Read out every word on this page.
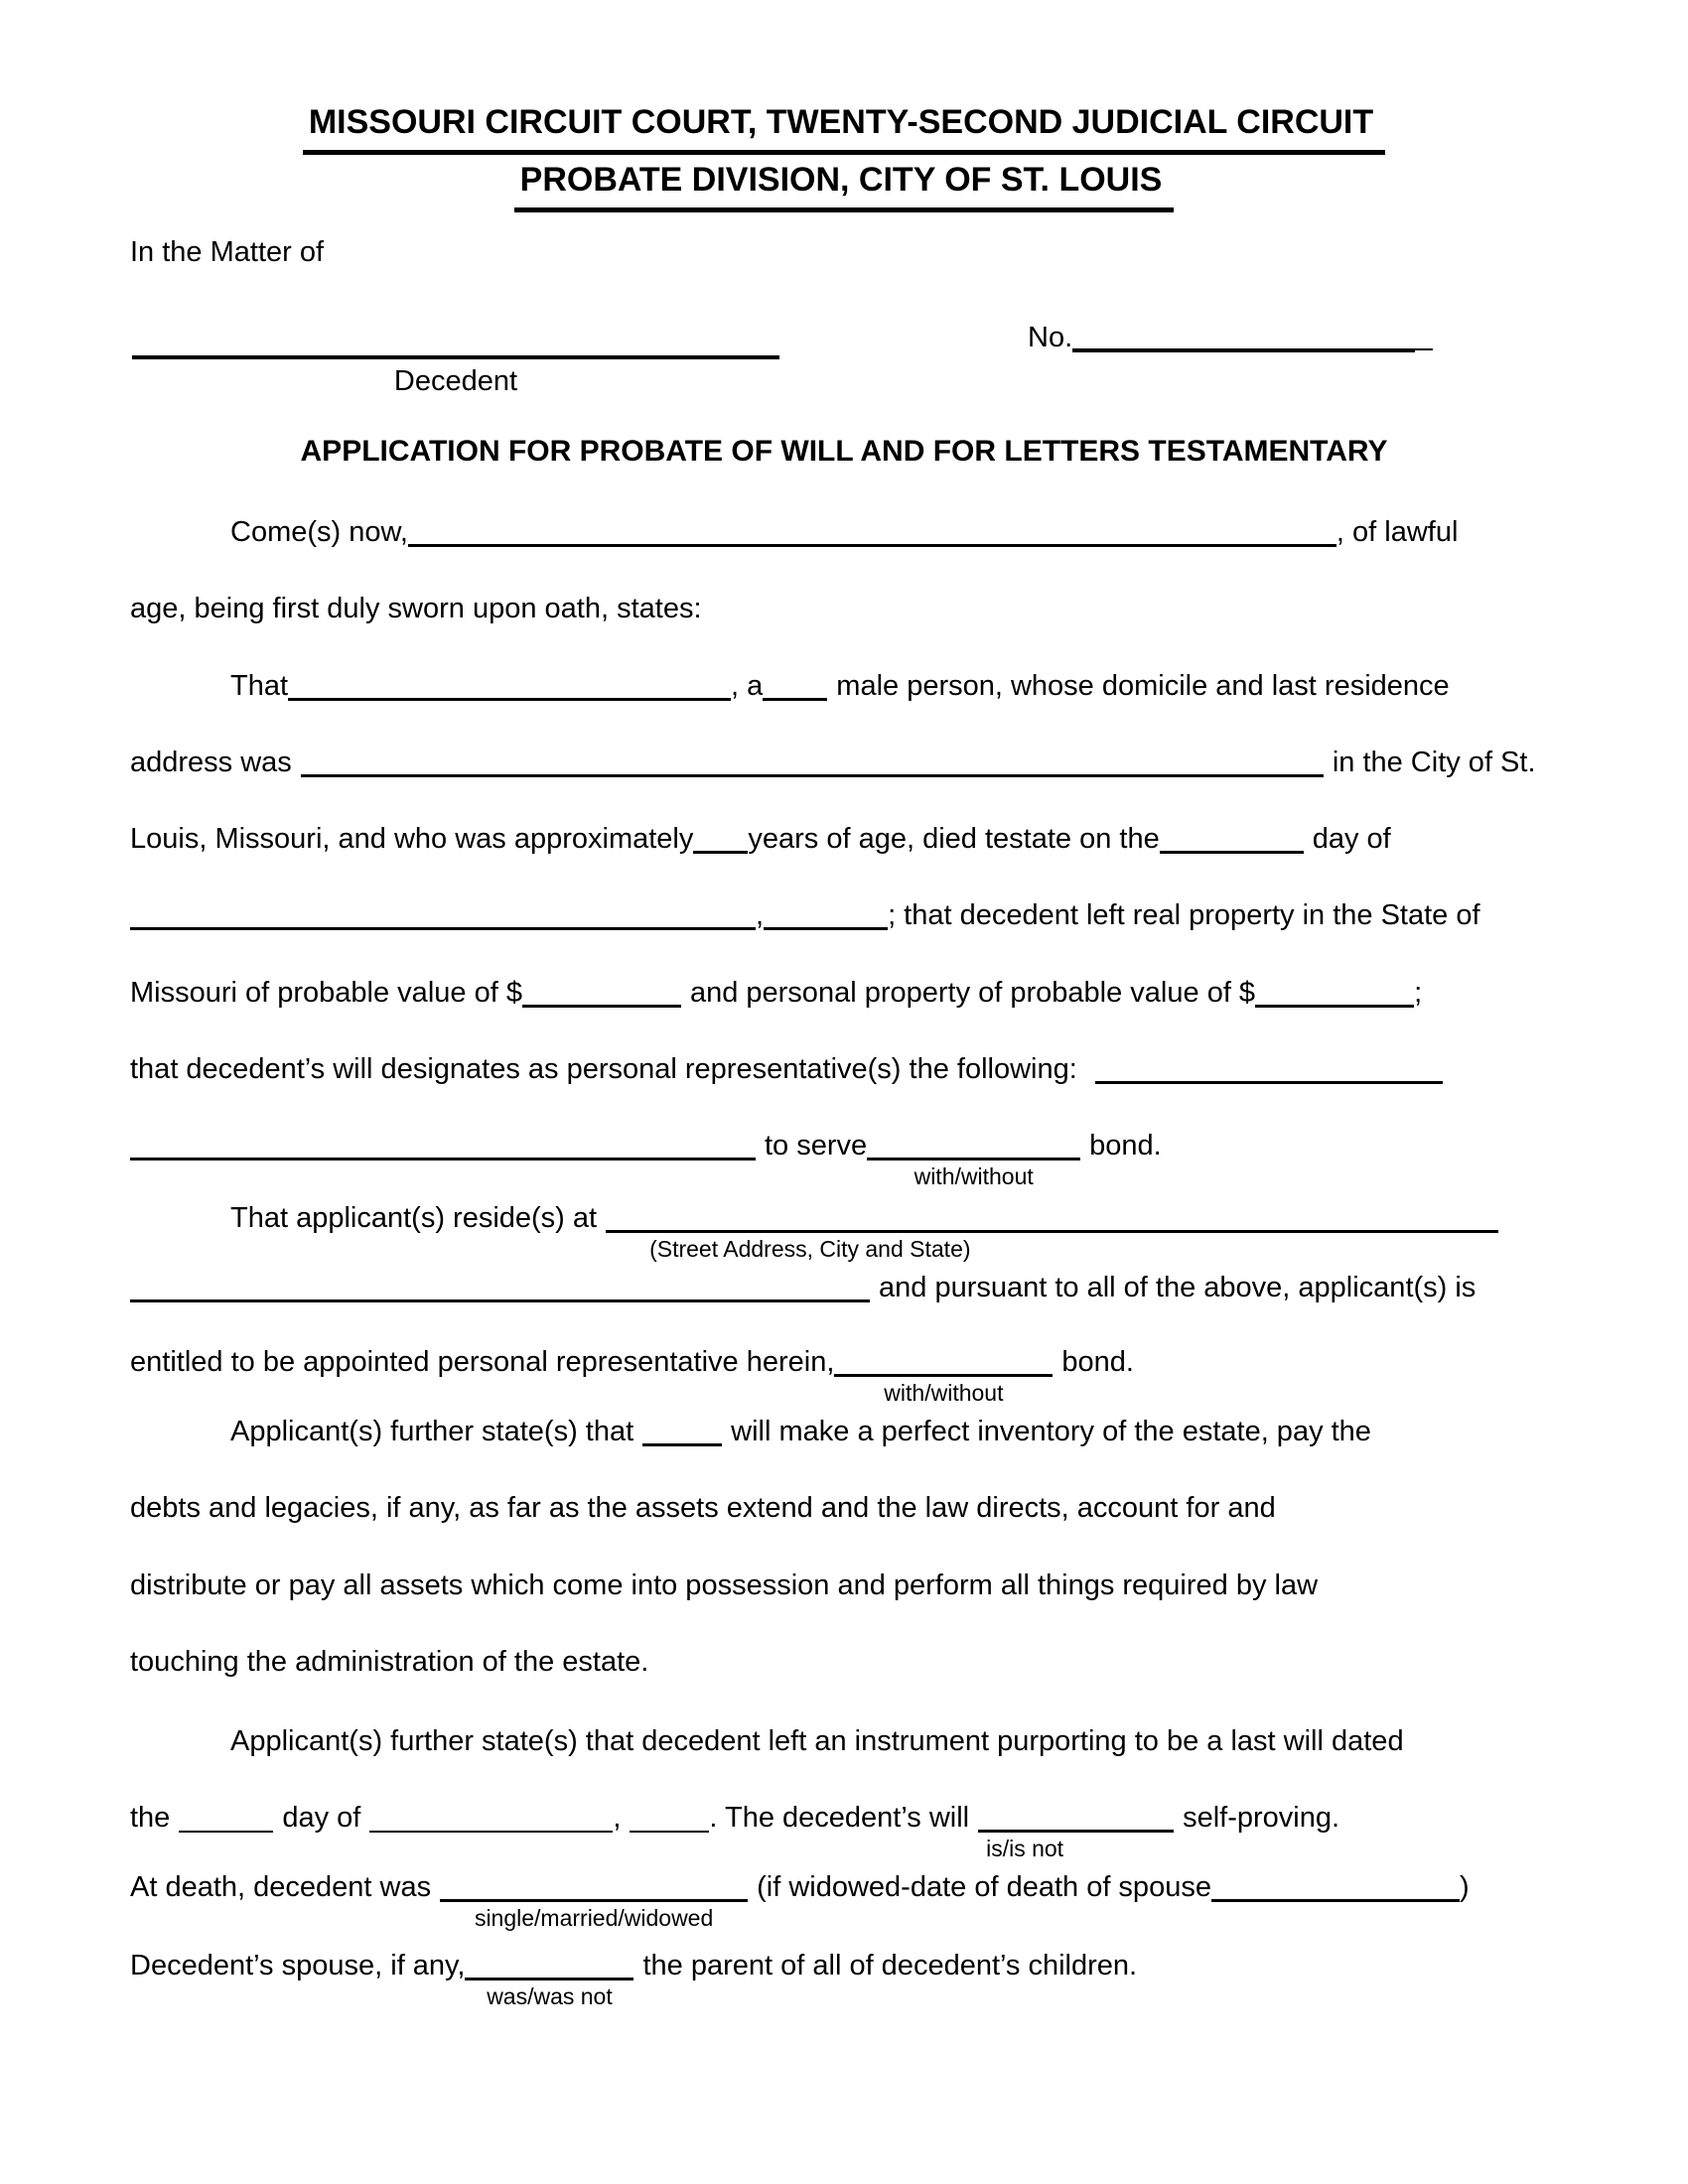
MISSOURI CIRCUIT COURT, TWENTY-SECOND JUDICIAL CIRCUIT
PROBATE DIVISION, CITY OF ST. LOUIS
In the Matter of
Decedent
No.
APPLICATION FOR PROBATE OF WILL AND FOR LETTERS TESTAMENTARY
Come(s) now,	, of lawful
age, being first duly sworn upon oath, states:
That	, a	male person, whose domicile and last residence
address was	in the City of St.
Louis, Missouri, and who was approximately years of age, died testate on the	day of
,	; that decedent left real property in the State of
Missouri of probable value of $	and personal property of probable value of $	;
that decedent’s will designates as personal representative(s) the following:
to serve
with/without
bond.
That applicant(s) reside(s) at
(Street Address, City and State)
and pursuant to all of the above, applicant(s) is
entitled to be appointed personal representative herein,
with/without
bond.
Applicant(s) further state(s) that	will make a perfect inventory of the estate, pay the
debts and legacies, if any, as far as the assets extend and the law directs, account for and
distribute or pay all assets which come into possession and perform all things required by law
touching the administration of the estate.
Applicant(s) further state(s) that decedent left an instrument purporting to be a last will dated
the	day of	,	. The decedent’s will
is/is not
self-proving.
At death, decedent was
single/married/widowed
(if widowed-date of death of spouse	)
Decedent’s spouse, if any,
was/was not
the parent of all of decedent’s children.
